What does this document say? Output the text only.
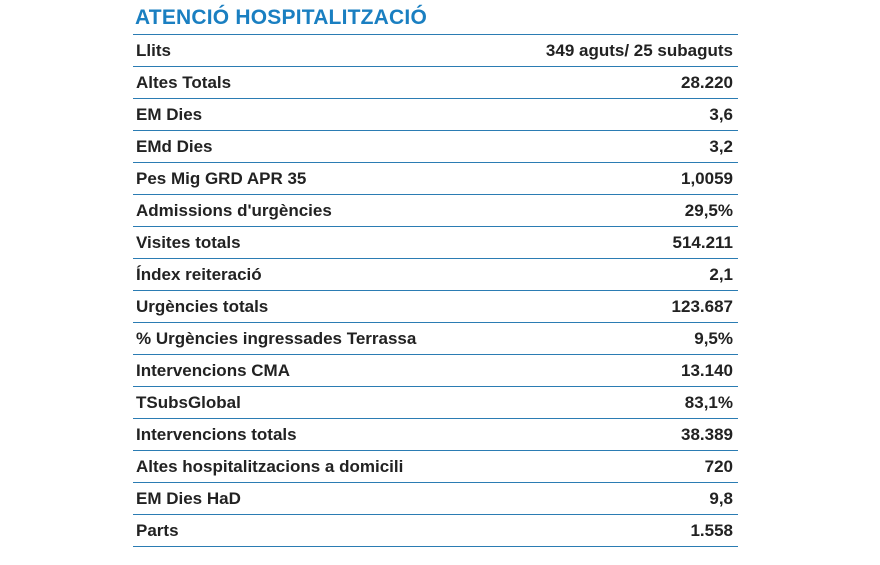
ATENCIÓ HOSPITALITZACIÓ
Llits	349 aguts/ 25 subaguts
Altes Totals	28.220
EM Dies	3,6
EMd Dies	3,2
Pes Mig GRD APR 35	1,0059
Admissions d'urgències	29,5%
Visites totals	514.211
Índex reiteració	2,1
Urgències totals	123.687
% Urgències ingressades Terrassa	9,5%
Intervencions CMA	13.140
TSubsGlobal	83,1%
Intervencions totals	38.389
Altes hospitalitzacions a domicili	720
EM Dies HaD	9,8
Parts	1.558
